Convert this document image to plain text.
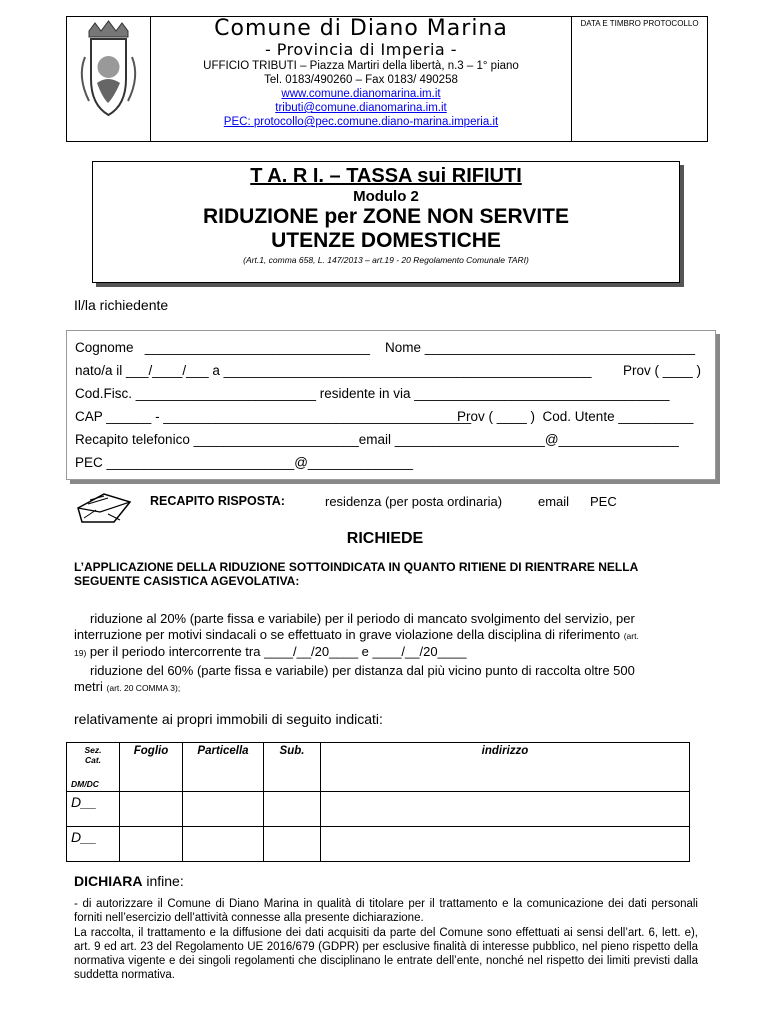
Comune di Diano Marina
- Provincia di Imperia -
UFFICIO TRIBUTI – Piazza Martiri della libertà, n.3 – 1° piano
Tel. 0183/490260 – Fax 0183/ 490258
www.comune.dianomarina.im.it
tributi@comune.dianomarina.im.it
PEC: protocollo@pec.comune.diano-marina.imperia.it
DATA E TIMBRO PROTOCOLLO
T A. R I. – TASSA sui RIFIUTI
Modulo 2
RIDUZIONE per ZONE NON SERVITE
UTENZE DOMESTICHE
(Art.1, comma 658, L. 147/2013 – art.19 - 20 Regolamento Comunale TARI)
Il/la richiedente
Cognome   ______________________________ Nome ____________________________________
nato/a il ___/____/___ a _________________________________________________ Prov ( ____ )
Cod.Fisc. ________________________ residente in via __________________________________
CAP ______ - _________________________________________
Prov ( ____ )  Cod. Utente __________
Recapito telefonico ______________________email ____________________@________________
PEC _________________________@______________
RECAPITO RISPOSTA:	residenza (per posta ordinaria)	email PEC
RICHIEDE
L’APPLICAZIONE DELLA RIDUZIONE SOTTOINDICATA IN QUANTO RITIENE DI RIENTRARE NELLA SEGUENTE CASISTICA AGEVOLATIVA:
riduzione al 20% (parte fissa e variabile) per il periodo di mancato svolgimento del servizio, per
interruzione per motivi sindacali o se effettuato in grave violazione della disciplina di riferimento (art.
19) per il periodo intercorrente tra ____/__/20____ e ____/__/20____
riduzione del 60% (parte fissa e variabile) per distanza dal più vicino punto di raccolta oltre 500
metri (art. 20 COMMA 3);
relativamente ai propri immobili di seguito indicati:
Sez.
Cat.
DM/DC	Foglio	Particella	Sub.	indirizzo
D__				
D__				
DICHIARA infine:
- di autorizzare il Comune di Diano Marina in qualità di titolare per il trattamento e la comunicazione dei dati personali forniti nell’esercizio dell’attività connesse alla presente dichiarazione.
La raccolta, il trattamento e la diffusione dei dati acquisiti da parte del Comune sono effettuati ai sensi dell’art. 6, lett. e), art. 9 ed art. 23 del Regolamento UE 2016/679 (GDPR) per esclusive finalità di interesse pubblico, nel pieno rispetto della normativa vigente e dei singoli regolamenti che disciplinano le entrate dell’ente, nonché nel rispetto dei limiti previsti dalla suddetta normativa.
